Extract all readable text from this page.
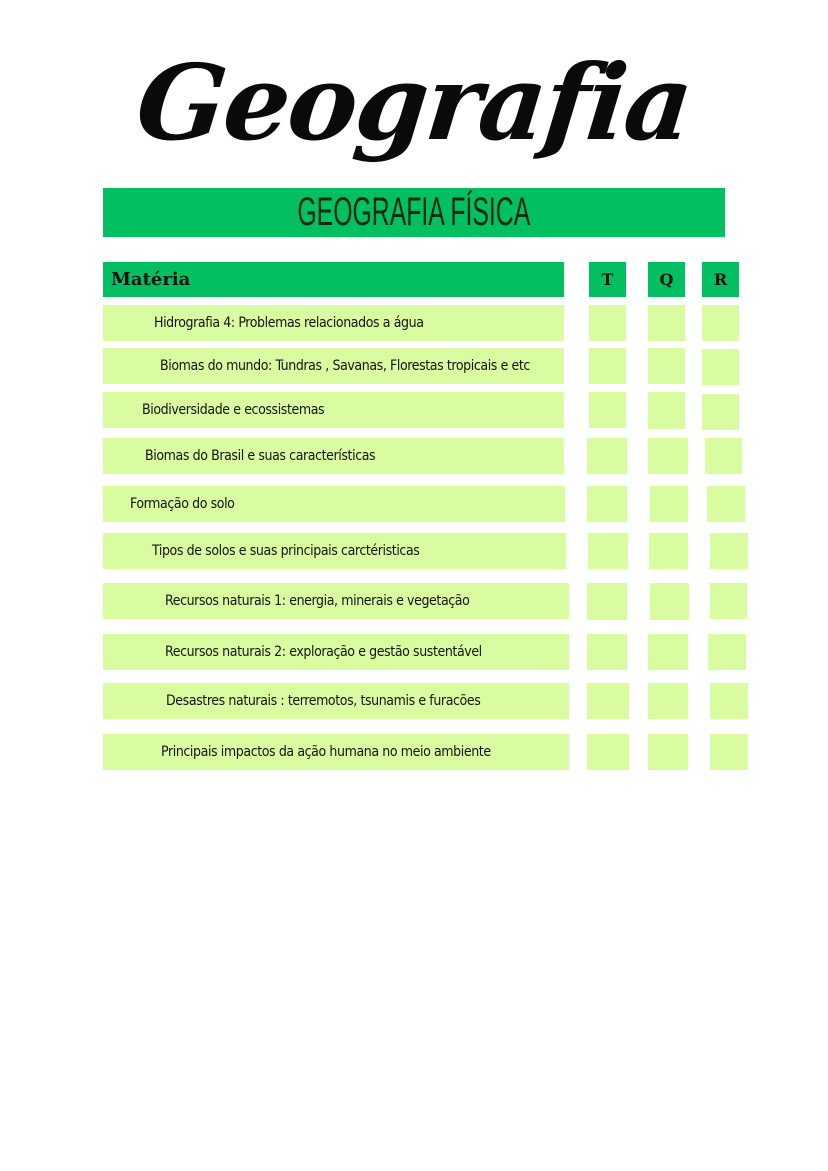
Geografia
GEOGRAFIA FÍSICA
Matéria	T	Q	R
Hidrografia 4: Problemas relacionados a água
Biomas do mundo: Tundras , Savanas, Florestas tropicais e etc
Biodiversidade e ecossistemas
Biomas do Brasil e suas características
Formação do solo
Tipos de solos e suas principais carctéristicas
Recursos naturais 1: energia, minerais e vegetação
Recursos naturais 2: exploração e gestão sustentável
Desastres naturais : terremotos, tsunamis e furacões
Principais impactos da ação humana no meio ambiente
